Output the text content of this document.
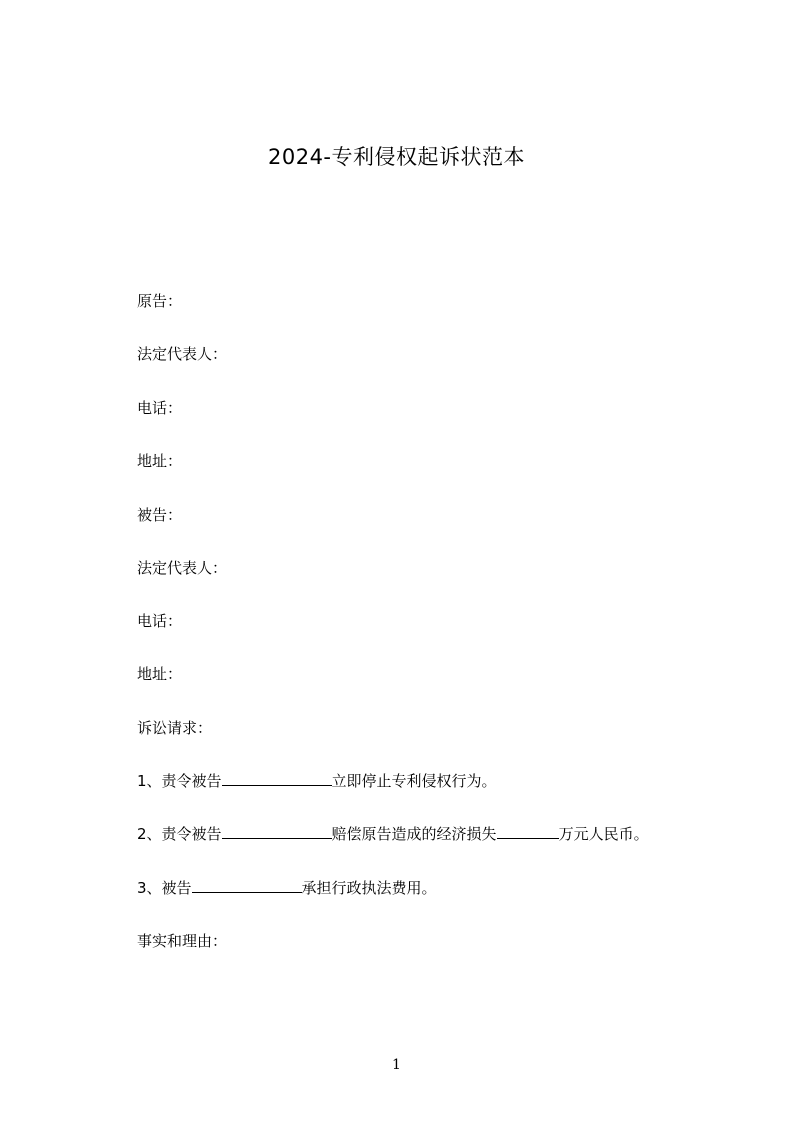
2024-专利侵权起诉状范本
原告：
法定代表人：
电话：
地址：
被告：
法定代表人：
电话：
地址：
诉讼请求：
1、责令被告	立即停止专利侵权行为。
2、责令被告	赔偿原告造成的经济损失	万元人民币。
3、被告	承担行政执法费用。
事实和理由：
1
